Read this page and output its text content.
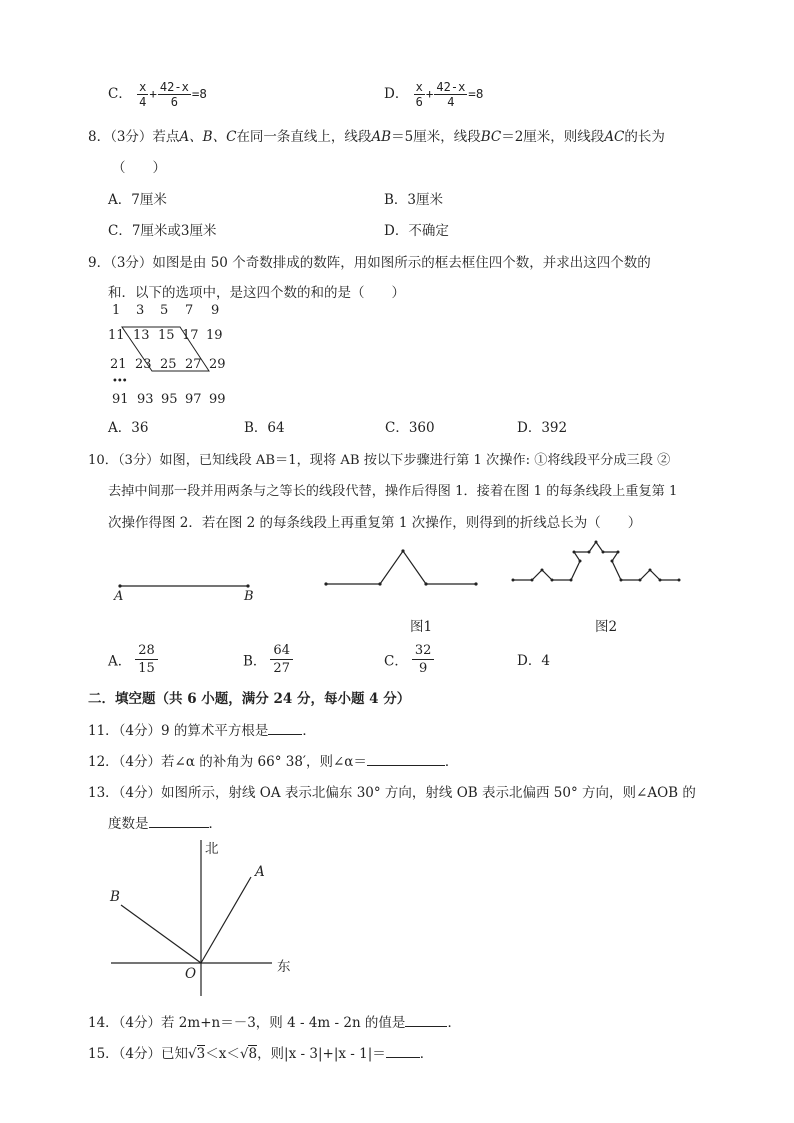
C． $\frac{x}{4} + \frac{42-x}{6} =8$	D． $\frac{x}{6} + \frac{42-x}{4} =8$
8．（3分）若点A、B、C在同一条直线上，线段AB＝5厘米，线段BC＝2厘米，则线段AC的长为
（　　）
A．7厘米	B．3厘米
C．7厘米或3厘米	D．不确定
9．（3分）如图是由 50 个奇数排成的数阵，用如图所示的框去框住四个数，并求出这四个数的
和．以下的选项中，是这四个数的和的是（　　）
1 3 5 7 9
11 13 15 17 19
21 23 25 27 29
•••
91 93 95 97 99
A．36	B．64	C．360	D．392
10．（3分）如图，已知线段 AB＝1，现将 AB 按以下步骤进行第 1 次操作: ①将线段平分成三段 ②
去掉中间那一段并用两条与之等长的线段代替，操作后得图 1．接着在图 1 的每条线段上重复第 1
次操作得图 2．若在图 2 的每条线段上再重复第 1 次操作，则得到的折线总长为（　　）
A	B
图1	图2
A． $\frac{28}{15}$	B． $\frac{64}{27}$	C． $\frac{32}{9}$	D．4
二．填空题（共 6 小题，满分 24 分，每小题 4 分）
11．（4分）9 的算术平方根是	．
12．（4分）若∠α 的补角为 66° 38′，则∠α＝	．
13．（4分）如图所示，射线 OA 表示北偏东 30° 方向，射线 OB 表示北偏西 50° 方向，则∠AOB 的
度数是	．
北
东
A
B
O
14．（4分）若 2m+n＝－3，则 4 - 4m - 2n 的值是	．
15．（4分）已知√3＜x＜√8，则|x - 3|+|x - 1|＝	．
